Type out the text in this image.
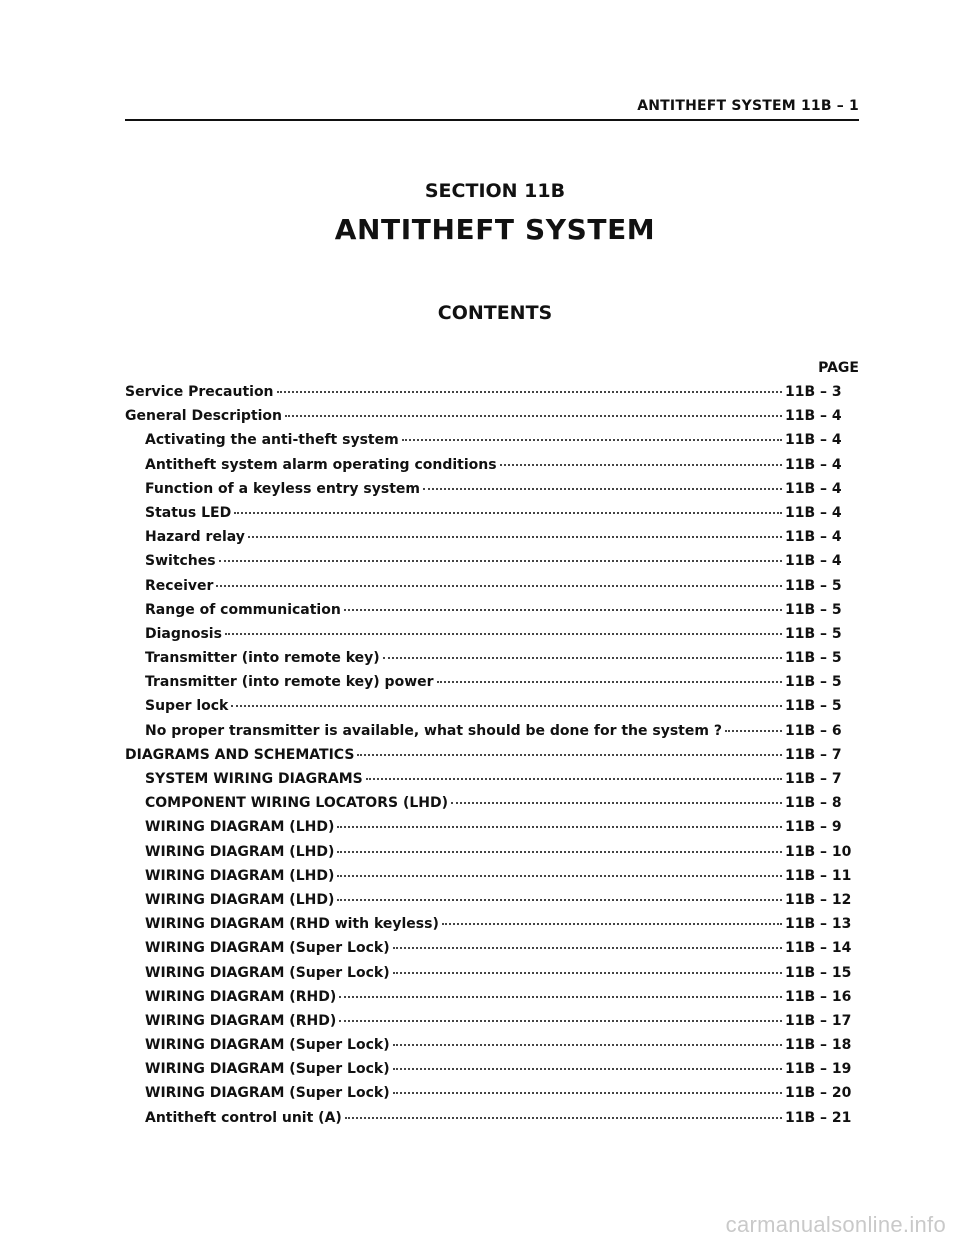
ANTITHEFT SYSTEM 11B – 1
SECTION 11B
ANTITHEFT SYSTEM
CONTENTS
PAGE
Service Precaution	11B – 3
General Description	11B – 4
Activating the anti-theft system	11B – 4
Antitheft system alarm operating conditions	11B – 4
Function of a keyless entry system	11B – 4
Status LED	11B – 4
Hazard relay	11B – 4
Switches	11B – 4
Receiver	11B – 5
Range of communication	11B – 5
Diagnosis	11B – 5
Transmitter (into remote key)	11B – 5
Transmitter (into remote key) power	11B – 5
Super lock	11B – 5
No proper transmitter is available, what should be done for the system ?	11B – 6
DIAGRAMS AND SCHEMATICS	11B – 7
SYSTEM WIRING DIAGRAMS	11B – 7
COMPONENT WIRING LOCATORS (LHD)	11B – 8
WIRING DIAGRAM (LHD)	11B – 9
WIRING DIAGRAM (LHD)	11B – 10
WIRING DIAGRAM (LHD)	11B – 11
WIRING DIAGRAM (LHD)	11B – 12
WIRING DIAGRAM (RHD with keyless)	11B – 13
WIRING DIAGRAM (Super Lock)	11B – 14
WIRING DIAGRAM (Super Lock)	11B – 15
WIRING DIAGRAM (RHD)	11B – 16
WIRING DIAGRAM (RHD)	11B – 17
WIRING DIAGRAM (Super Lock)	11B – 18
WIRING DIAGRAM (Super Lock)	11B – 19
WIRING DIAGRAM (Super Lock)	11B – 20
Antitheft control unit (A)	11B – 21
carmanualsonline.info
